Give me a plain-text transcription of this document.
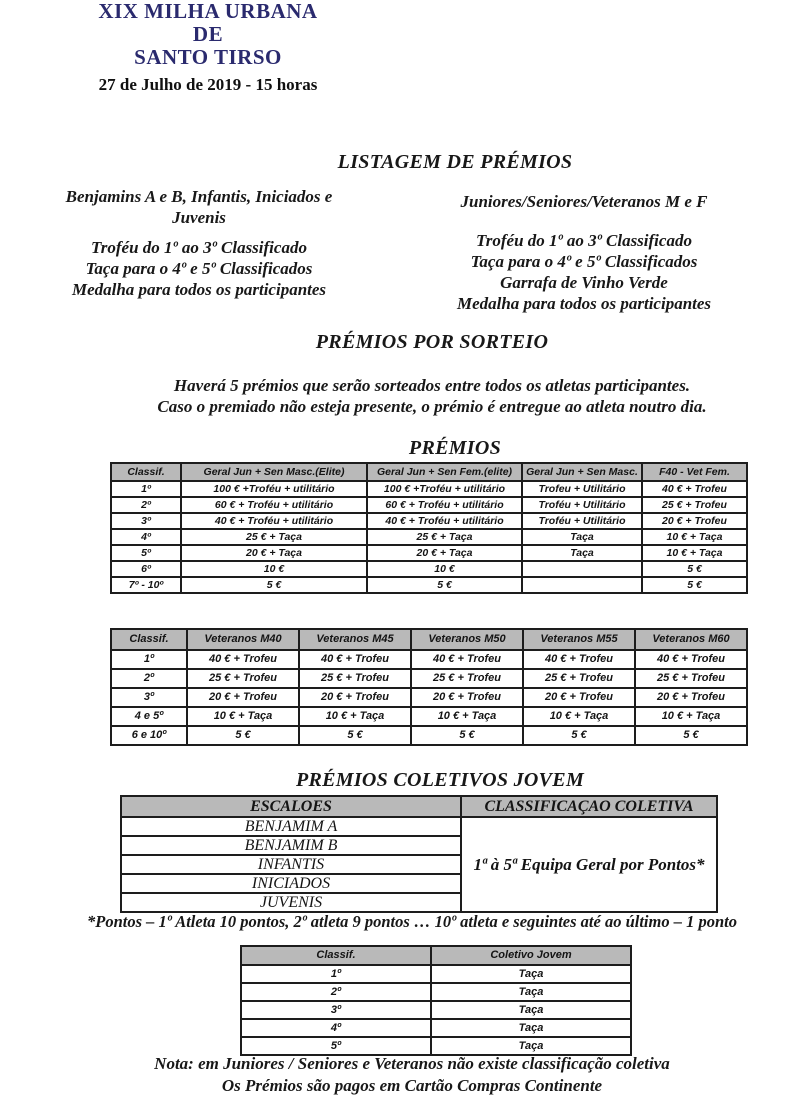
XIX MILHA URBANA
DE
SANTO TIRSO
27 de Julho de 2019 - 15 horas
LISTAGEM DE PRÉMIOS
Benjamins A e B, Infantis, Iniciados e Juvenis
Troféu do 1º ao 3º Classificado
Taça para o 4º e 5º Classificados
Medalha para todos os participantes
Juniores/Seniores/Veteranos M e F
Troféu do 1º ao 3º Classificado
Taça para o 4º e 5º Classificados
Garrafa de Vinho Verde
Medalha para todos os participantes
PRÉMIOS POR SORTEIO
Haverá 5 prémios que serão sorteados entre todos os atletas participantes.
Caso o premiado não esteja presente, o prémio é entregue ao atleta noutro dia.
PRÉMIOS
Classif.	Geral Jun + Sen Masc.(Elite)	Geral Jun + Sen Fem.(elite)	Geral Jun + Sen Masc.	F40 - Vet Fem.
1º	100 € +Troféu + utilitário	100 € +Troféu + utilitário	Trofeu + Utilitário	40 € + Trofeu
2º	60 € + Troféu + utilitário	60 € + Troféu + utilitário	Troféu + Utilitário	25 € + Trofeu
3º	40 € + Troféu + utilitário	40 € + Troféu + utilitário	Troféu + Utilitário	20 € + Trofeu
4º	25 € + Taça	25 € + Taça	Taça	10 € + Taça
5º	20 € + Taça	20 € + Taça	Taça	10 € + Taça
6º	10 €	10 €		5 €
7º - 10º	5 €	5 €		5 €
Classif.	Veteranos M40	Veteranos M45	Veteranos M50	Veteranos M55	Veteranos M60
1º	40 € + Trofeu	40 € + Trofeu	40 € + Trofeu	40 € + Trofeu	40 € + Trofeu
2º	25 € + Trofeu	25 € + Trofeu	25 € + Trofeu	25 € + Trofeu	25 € + Trofeu
3º	20 € + Trofeu	20 € + Trofeu	20 € + Trofeu	20 € + Trofeu	20 € + Trofeu
4 e 5º	10 € + Taça	10 € + Taça	10 € + Taça	10 € + Taça	10 € + Taça
6 e 10º	5 €	5 €	5 €	5 €	5 €
PRÉMIOS COLETIVOS JOVEM
ESCALOES	CLASSIFICAÇAO COLETIVA
BENJAMIM A	1ª à 5ª Equipa Geral por Pontos*
BENJAMIM B	
INFANTIS	
INICIADOS	
JUVENIS	
*Pontos – 1º Atleta 10 pontos, 2º atleta 9 pontos … 10º atleta e seguintes até ao último – 1 ponto
Classif.	Coletivo Jovem
1º	Taça
2º	Taça
3º	Taça
4º	Taça
5º	Taça
Nota: em Juniores / Seniores e Veteranos não existe classificação coletiva
Os Prémios são pagos em Cartão Compras Continente
